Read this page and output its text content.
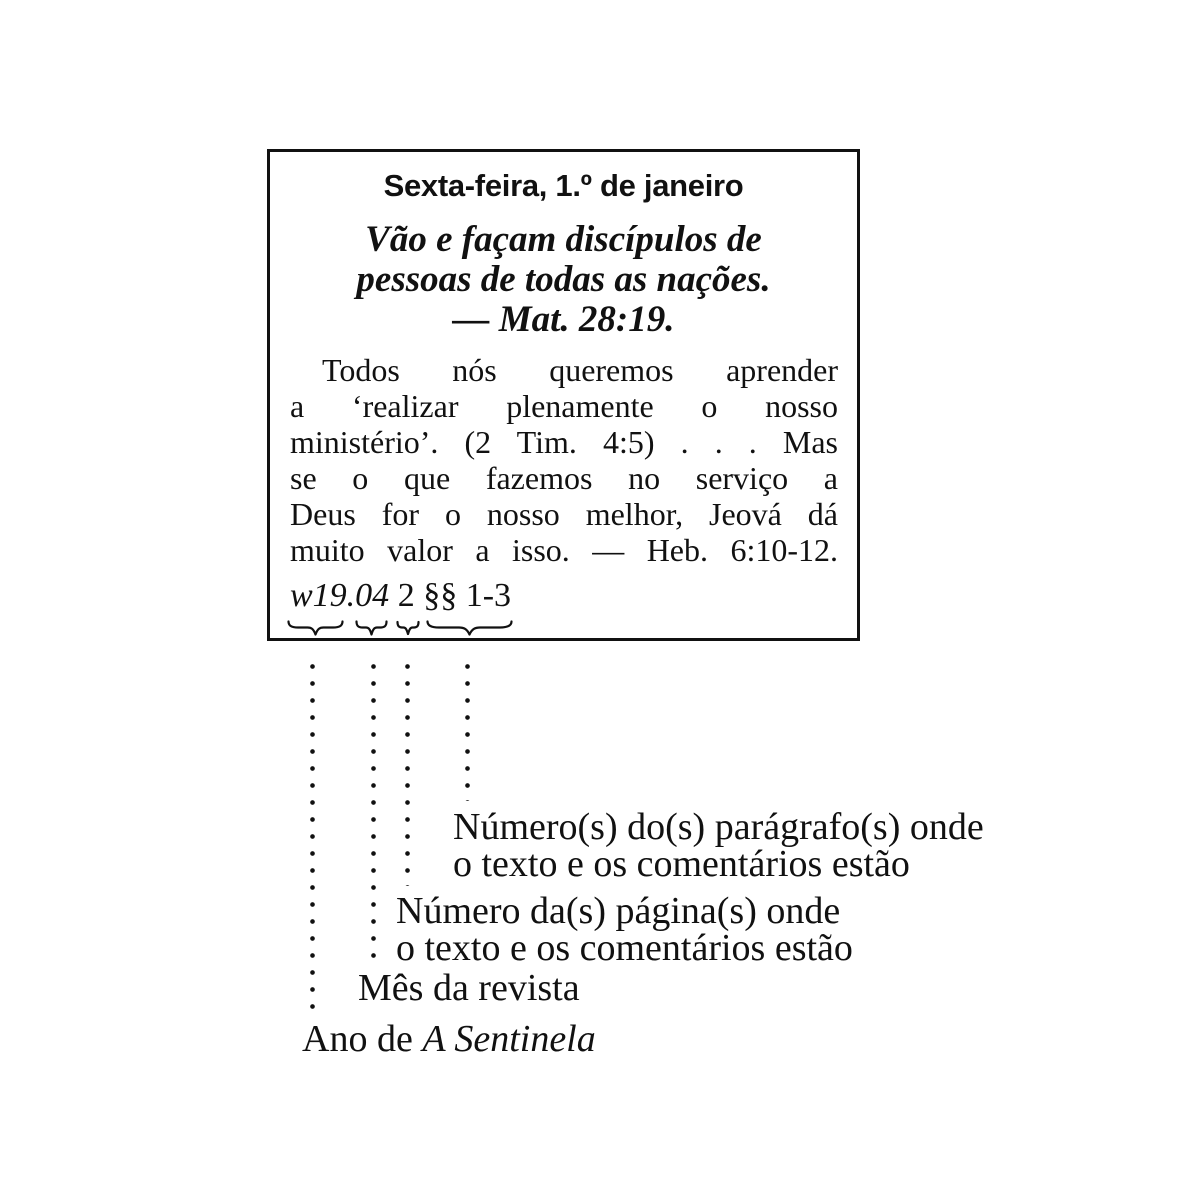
Sexta-feira, 1.º de janeiro
Vão e façam discípulos de
pessoas de todas as nações.
— Mat. 28:19.
Todos nós queremos aprender
a ‘realizar plenamente o nosso
ministério’. (2 Tim. 4:5) . . . Mas
se o que fazemos no serviço a
Deus for o nosso melhor, Jeová dá
muito valor a isso. — Heb. 6:10-12.
w19.04 2 §§ 1-3
Número(s) do(s) parágrafo(s) onde
o texto e os comentários estão
Número da(s) página(s) onde
o texto e os comentários estão
Mês da revista
Ano de A Sentinela
